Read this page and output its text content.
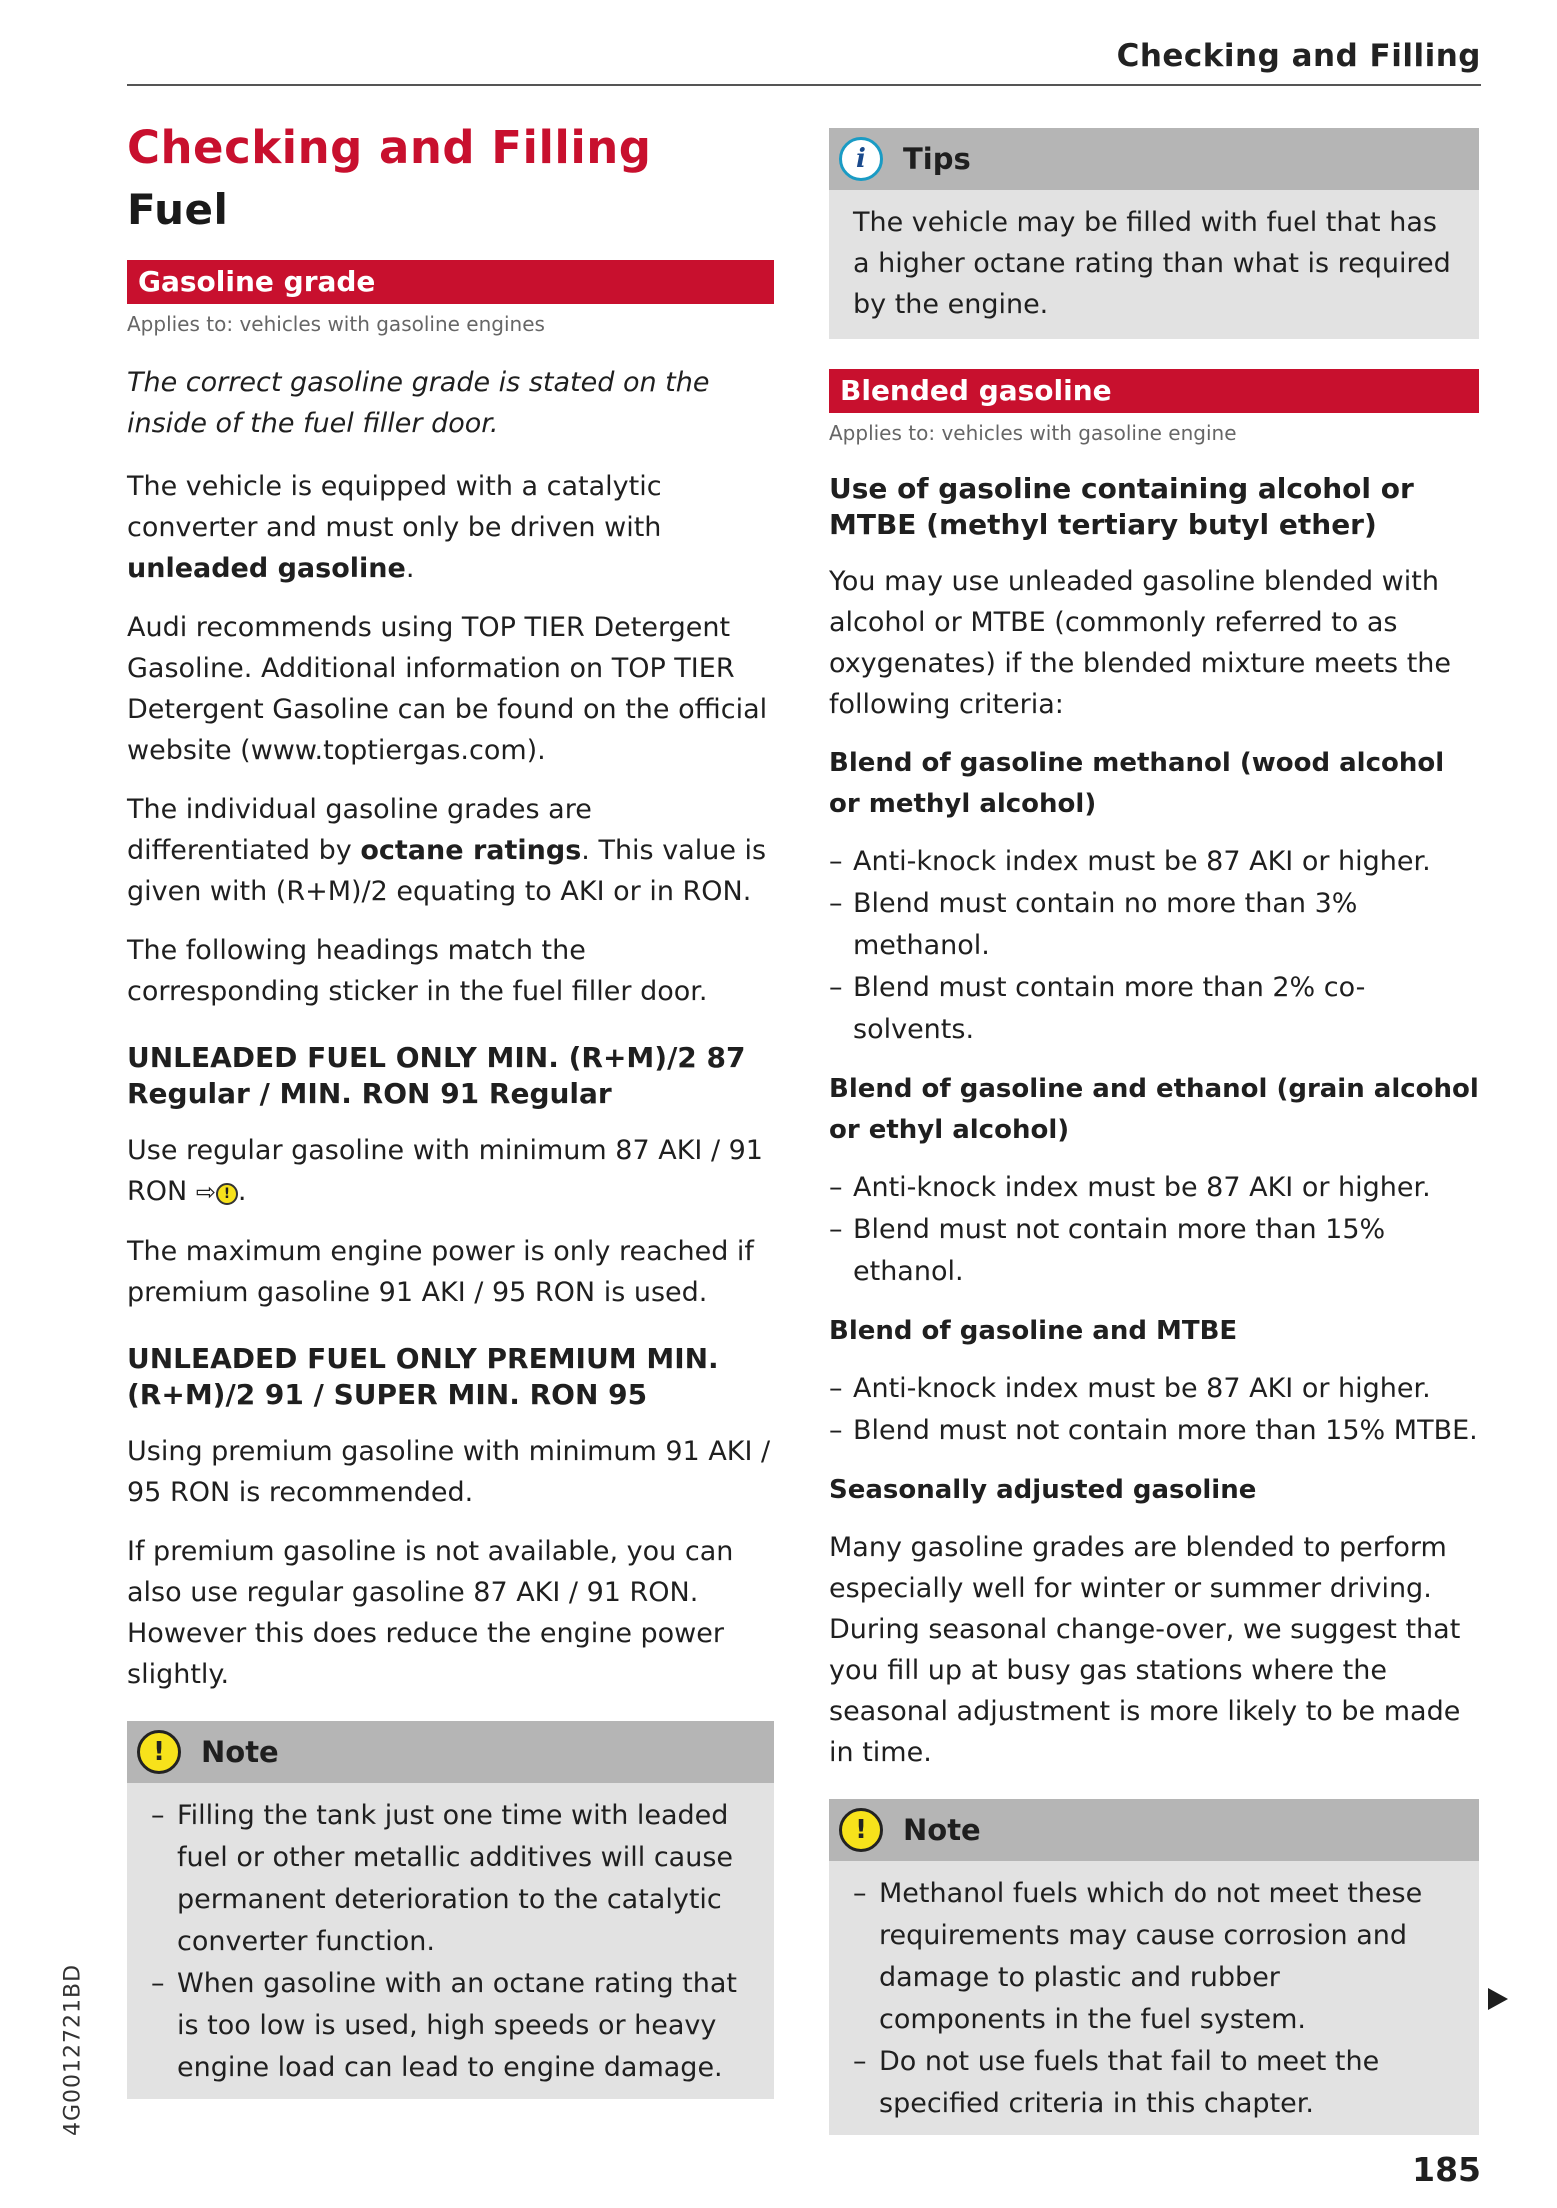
Checking and Filling
Checking and Filling
Fuel
Gasoline grade
Applies to: vehicles with gasoline engines

The correct gasoline grade is stated on the inside of the fuel filler door.

The vehicle is equipped with a catalytic converter and must only be driven with unleaded gasoline.

Audi recommends using TOP TIER Detergent Gasoline. Additional information on TOP TIER Detergent Gasoline can be found on the official website (www.toptiergas.com).

The individual gasoline grades are differentiated by octane ratings. This value is given with (R+M)/2 equating to AKI or in RON.

The following headings match the corresponding sticker in the fuel filler door.

UNLEADED FUEL ONLY MIN. (R+M)/2 87 Regular / MIN. RON 91 Regular

Use regular gasoline with minimum 87 AKI / 91 RON ⇨ ! .

The maximum engine power is only reached if premium gasoline 91 AKI / 95 RON is used.

UNLEADED FUEL ONLY PREMIUM MIN. (R+M)/2 91 / SUPER MIN. RON 95

Using premium gasoline with minimum 91 AKI / 95 RON is recommended.

If premium gasoline is not available, you can also use regular gasoline 87 AKI / 91 RON. However this does reduce the engine power slightly.

!	Note
– Filling the tank just one time with leaded fuel or other metallic additives will cause permanent deterioration to the catalytic converter function.
– When gasoline with an octane rating that is too low is used, high speeds or heavy engine load can lead to engine damage.
i	Tips

The vehicle may be filled with fuel that has a higher octane rating than what is required by the engine.

Blended gasoline
Applies to: vehicles with gasoline engine
Use of gasoline containing alcohol or MTBE (methyl tertiary butyl ether)

You may use unleaded gasoline blended with alcohol or MTBE (commonly referred to as oxygenates) if the blended mixture meets the following criteria:

Blend of gasoline methanol (wood alcohol or methyl alcohol)
– Anti-knock index must be 87 AKI or higher.
– Blend must contain no more than 3% methanol.
– Blend must contain more than 2% co-solvents.
Blend of gasoline and ethanol (grain alcohol or ethyl alcohol)
– Anti-knock index must be 87 AKI or higher.
– Blend must not contain more than 15% ethanol.
Blend of gasoline and MTBE
– Anti-knock index must be 87 AKI or higher.
– Blend must not contain more than 15% MTBE.
Seasonally adjusted gasoline

Many gasoline grades are blended to perform especially well for winter or summer driving. During seasonal change-over, we suggest that you fill up at busy gas stations where the seasonal adjustment is more likely to be made in time.

!	Note
– Methanol fuels which do not meet these requirements may cause corrosion and damage to plastic and rubber components in the fuel system.
– Do not use fuels that fail to meet the specified criteria in this chapter.
4G0012721BD
185
